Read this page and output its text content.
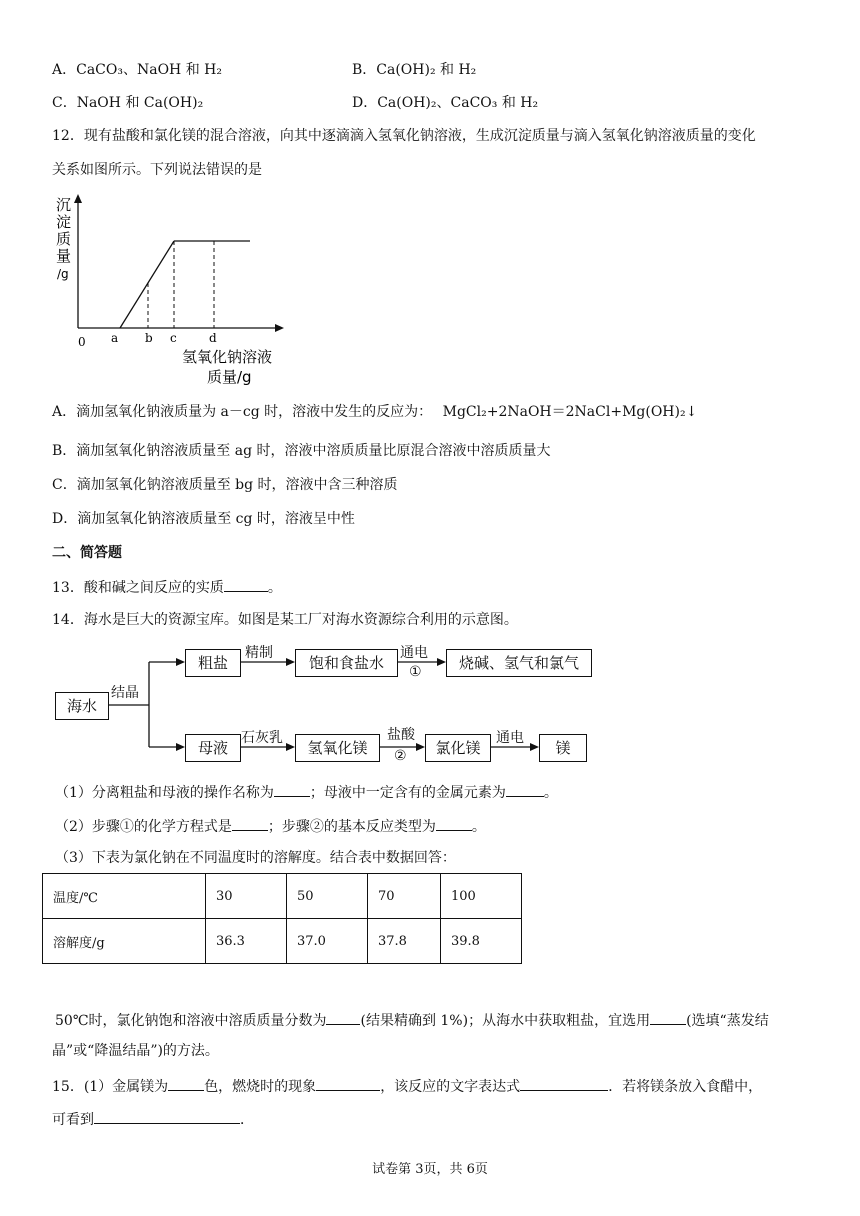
A．CaCO₃、NaOH 和 H₂	B．Ca(OH)₂ 和 H₂
C．NaOH 和 Ca(OH)₂	D．Ca(OH)₂、CaCO₃ 和 H₂
12．现有盐酸和氯化镁的混合溶液，向其中逐滴滴入氢氧化钠溶液，生成沉淀质量与滴入氢氧化钠溶液质量的变化
关系如图所示。下列说法错误的是
0 a b c	d
沉
淀
质
量
/g
氢氧化钠溶液
质量/g
A．滴加氢氧化钠液质量为 a－cg 时，溶液中发生的反应为： MgCl₂+2NaOH＝2NaCl+Mg(OH)₂↓
B．滴加氢氧化钠溶液质量至 ag 时，溶液中溶质质量比原混合溶液中溶质质量大
C．滴加氢氧化钠溶液质量至 bg 时，溶液中含三种溶质
D．滴加氢氧化钠溶液质量至 cg 时，溶液呈中性
二、简答题
13．酸和碱之间反应的实质	。
14．海水是巨大的资源宝库。如图是某工厂对海水资源综合利用的示意图。
海水
结晶
粗盐
精制
饱和食盐水
通电
①	烧碱、氢气和氯气
母液
石灰乳
氢氧化镁
盐酸
②	氯化镁
通电
镁
（1）分离粗盐和母液的操作名称为	；母液中一定含有的金属元素为	。
（2）步骤①的化学方程式是	；步骤②的基本反应类型为	。
（3）下表为氯化钠在不同温度时的溶解度。结合表中数据回答：
温度/℃	30	50	70	100
溶解度/g	36.3	37.0	37.8	39.8
50℃时，氯化钠饱和溶液中溶质质量分数为 (结果精确到 1%)；从海水中获取粗盐，宜选用	(选填“蒸发结
晶”或“降温结晶”)的方法。
15．(1）金属镁为	色，燃烧时的现象	，该反应的文字表达式	．若将镁条放入食醋中，
可看到	．
试卷第 3页，共 6页
